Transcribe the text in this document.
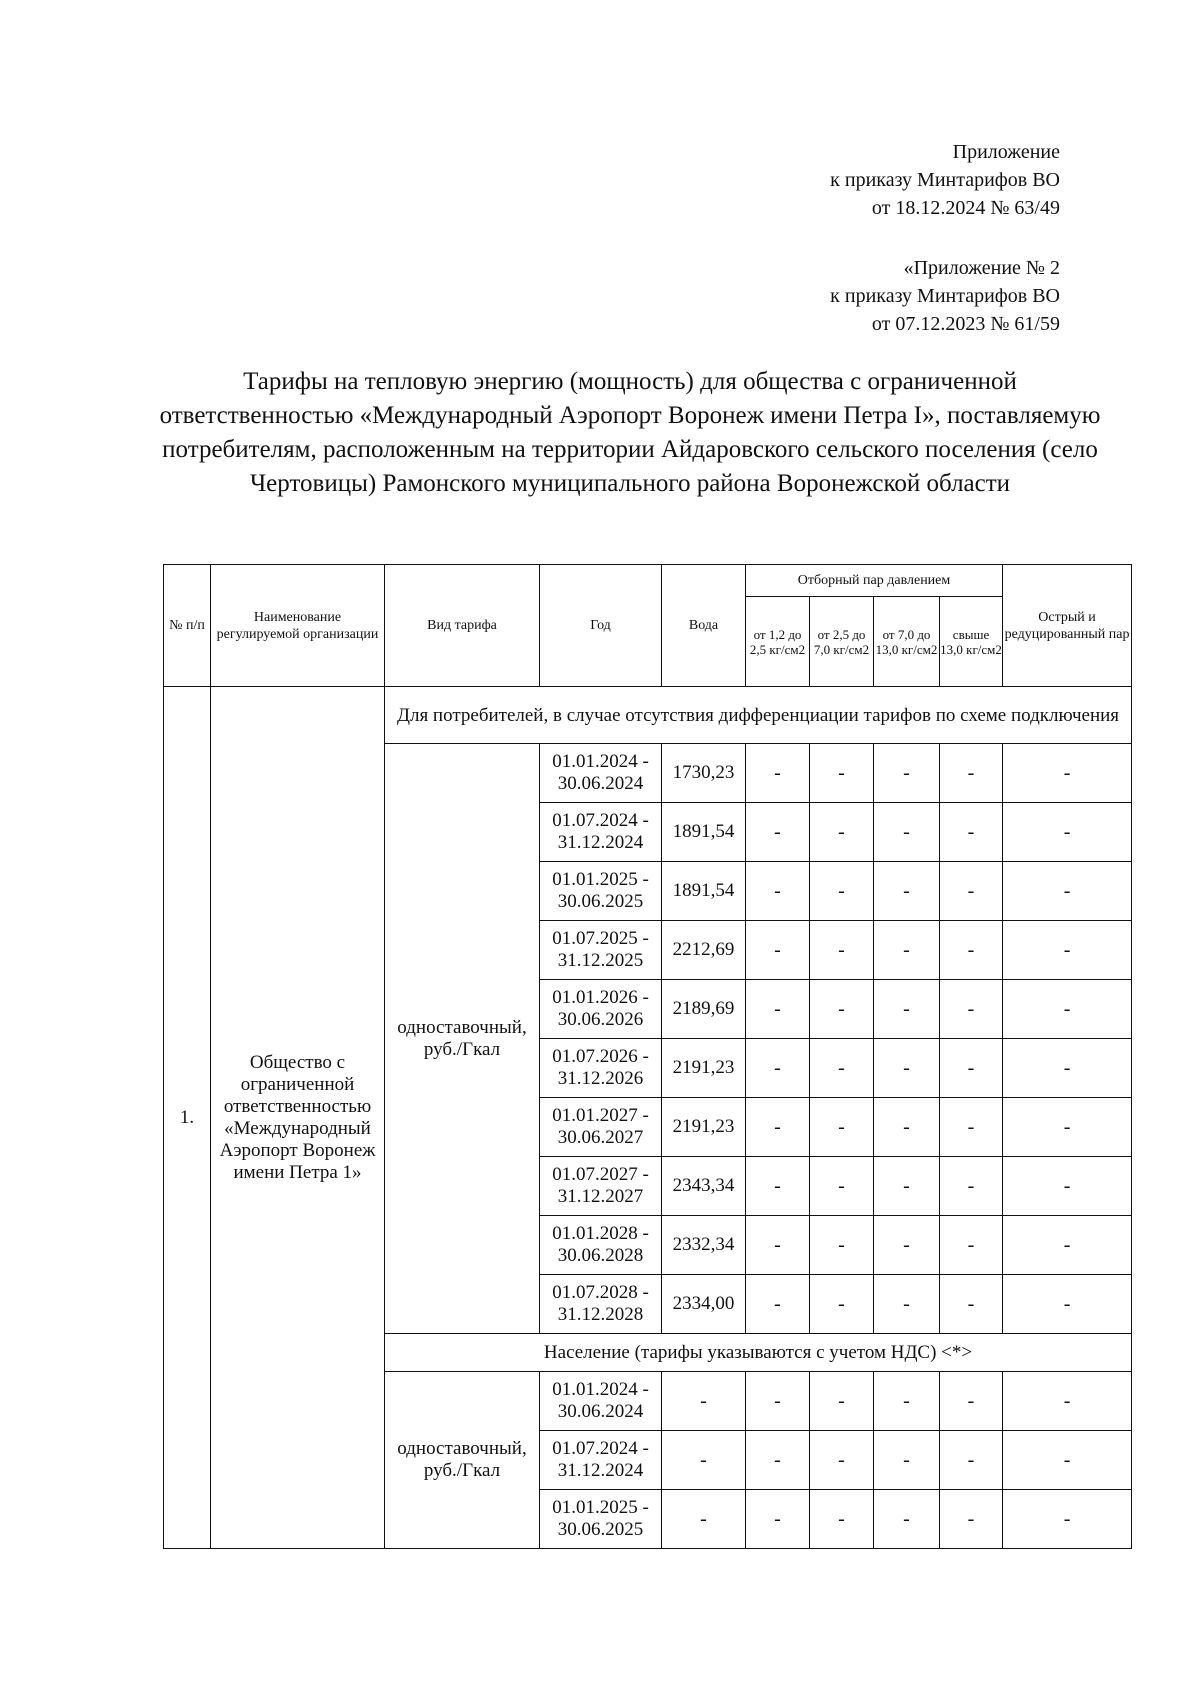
Приложение
к приказу Минтарифов ВО
от 18.12.2024 № 63/49
«Приложение № 2
к приказу Минтарифов ВО
от 07.12.2023 № 61/59
Тарифы на тепловую энергию (мощность) для общества с ограниченной ответственностью «Международный Аэропорт Воронеж имени Петра I», поставляемую потребителям, расположенным на территории Айдаровского сельского поселения (село Чертовицы) Рамонского муниципального района Воронежской области
№ п/п	Наименование регулируемой организации	Вид тарифа	Год	Вода	Отборный пар давлением				Острый и редуцированный пар
					от 1,2 до 2,5 кг/см2	от 2,5 до 7,0 кг/см2	от 7,0 до 13,0 кг/см2	свыше 13,0 кг/см2	
1.	Общество с ограниченной ответственностью «Международный Аэропорт Воронеж имени Петра 1»	Для потребителей, в случае отсутствия дифференциации тарифов по схеме подключения							
		одноставочный, руб./Гкал	01.01.2024 - 30.06.2024	1730,23	-	-	-	-	-
			01.07.2024 - 31.12.2024	1891,54	-	-	-	-	-
			01.01.2025 - 30.06.2025	1891,54	-	-	-	-	-
			01.07.2025 - 31.12.2025	2212,69	-	-	-	-	-
			01.01.2026 - 30.06.2026	2189,69	-	-	-	-	-
			01.07.2026 - 31.12.2026	2191,23	-	-	-	-	-
			01.01.2027 - 30.06.2027	2191,23	-	-	-	-	-
			01.07.2027 - 31.12.2027	2343,34	-	-	-	-	-
			01.01.2028 - 30.06.2028	2332,34	-	-	-	-	-
			01.07.2028 - 31.12.2028	2334,00	-	-	-	-	-
		Население (тарифы указываются с учетом НДС) <*>							
		одноставочный, руб./Гкал	01.01.2024 - 30.06.2024	-	-	-	-	-	-
			01.07.2024 - 31.12.2024	-	-	-	-	-	-
			01.01.2025 - 30.06.2025	-	-	-	-	-	-
